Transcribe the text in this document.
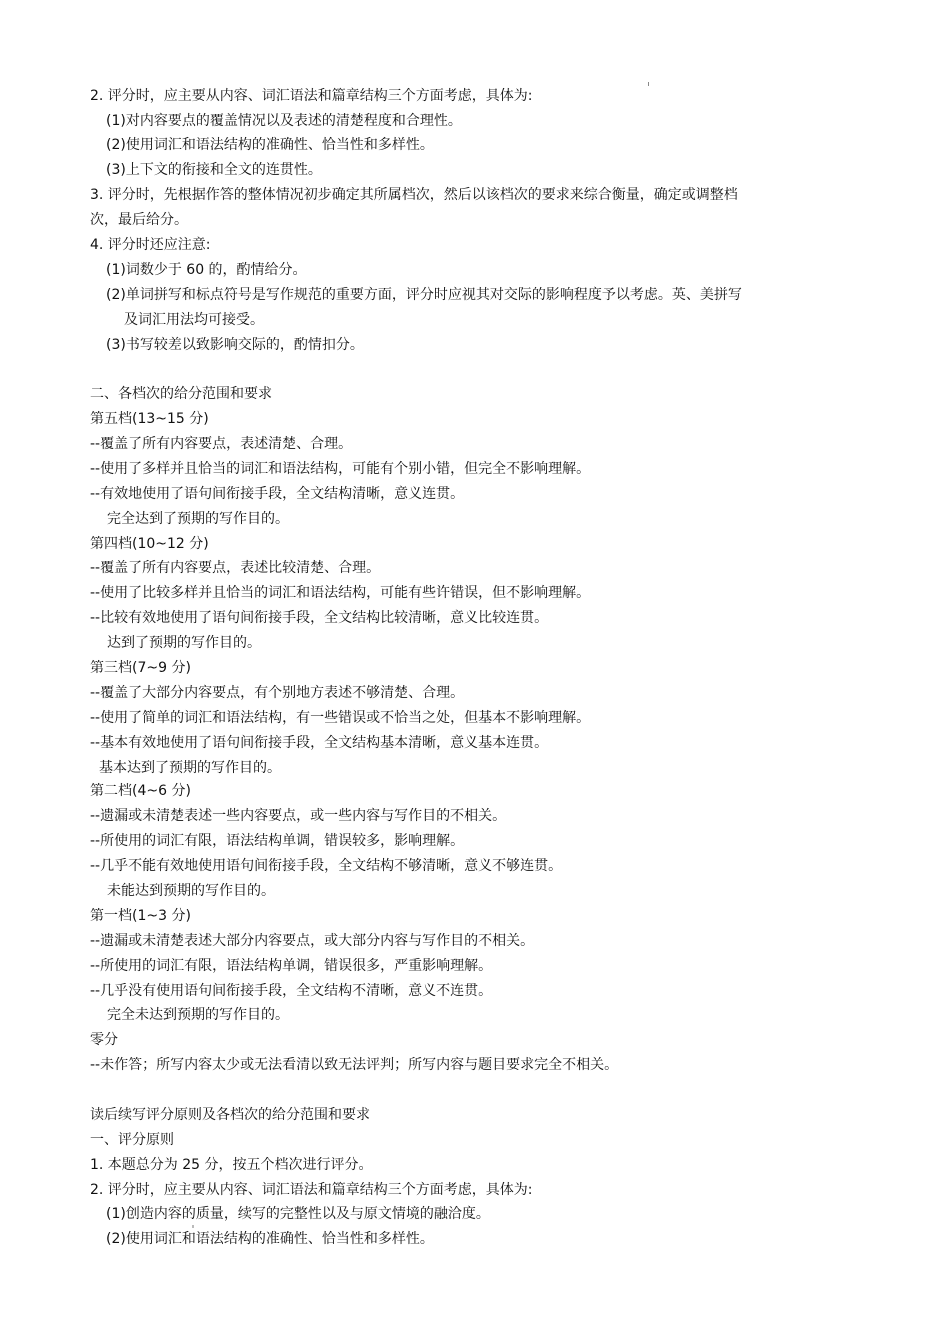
2. 评分时，应主要从内容、词汇语法和篇章结构三个方面考虑，具体为:
(1)对内容要点的覆盖情况以及表述的清楚程度和合理性。
(2)使用词汇和语法结构的准确性、恰当性和多样性。
(3)上下文的衔接和全文的连贯性。
3. 评分时，先根据作答的整体情况初步确定其所属档次，然后以该档次的要求来综合衡量，确定或调整档
次，最后给分。
4. 评分时还应注意:
(1)词数少于 60 的，酌情给分。
(2)单词拼写和标点符号是写作规范的重要方面，评分时应视其对交际的影响程度予以考虑。英、美拼写
及词汇用法均可接受。
(3)书写较差以致影响交际的，酌情扣分。
二、各档次的给分范围和要求
第五档(13~15 分)
--覆盖了所有内容要点，表述清楚、合理。
--使用了多样并且恰当的词汇和语法结构，可能有个别小错，但完全不影响理解。
--有效地使用了语句间衔接手段，全文结构清晰，意义连贯。
完全达到了预期的写作目的。
第四档(10~12 分)
--覆盖了所有内容要点，表述比较清楚、合理。
--使用了比较多样并且恰当的词汇和语法结构，可能有些许错误，但不影响理解。
--比较有效地使用了语句间衔接手段，全文结构比较清晰，意义比较连贯。
达到了预期的写作目的。
第三档(7~9 分)
--覆盖了大部分内容要点，有个别地方表述不够清楚、合理。
--使用了简单的词汇和语法结构，有一些错误或不恰当之处，但基本不影响理解。
--基本有效地使用了语句间衔接手段，全文结构基本清晰，意义基本连贯。
基本达到了预期的写作目的。
第二档(4~6 分)
--遗漏或未清楚表述一些内容要点，或一些内容与写作目的不相关。
--所使用的词汇有限，语法结构单调，错误较多，影响理解。
--几乎不能有效地使用语句间衔接手段，全文结构不够清晰，意义不够连贯。
未能达到预期的写作目的。
第一档(1~3 分)
--遗漏或未清楚表述大部分内容要点，或大部分内容与写作目的不相关。
--所使用的词汇有限，语法结构单调，错误很多，严重影响理解。
--几乎没有使用语句间衔接手段，全文结构不清晰，意义不连贯。
完全未达到预期的写作目的。
零分
--未作答；所写内容太少或无法看清以致无法评判；所写内容与题目要求完全不相关。
读后续写评分原则及各档次的给分范围和要求
一、评分原则
1. 本题总分为 25 分，按五个档次进行评分。
2. 评分时，应主要从内容、词汇语法和篇章结构三个方面考虑，具体为:
(1)创造内容的质量，续写的完整性以及与原文情境的融洽度。
(2)使用词汇和语法结构的准确性、恰当性和多样性。
